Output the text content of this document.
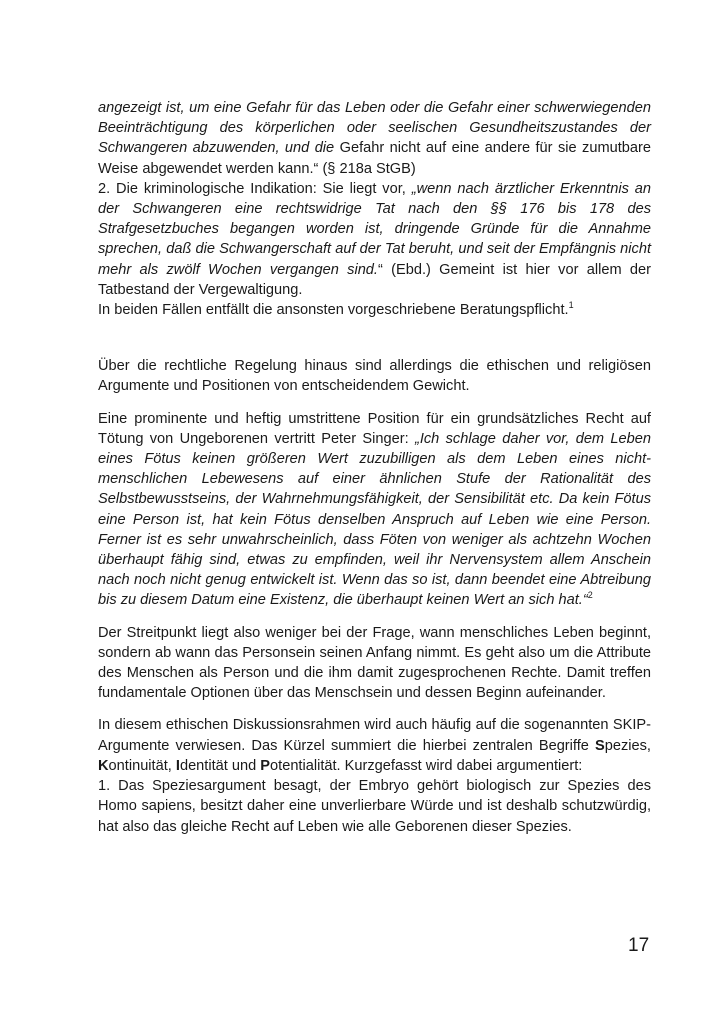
angezeigt ist, um eine Gefahr für das Leben oder die Gefahr einer schwerwiegenden Beeinträchtigung des körperlichen oder seelischen Gesundheitszustandes der Schwangeren abzuwenden, und die Gefahr nicht auf eine andere für sie zumutbare Weise abgewendet werden kann.“ (§ 218a StGB)

2. Die kriminologische Indikation: Sie liegt vor, „wenn nach ärztlicher Erkenntnis an der Schwangeren eine rechtswidrige Tat nach den §§ 176 bis 178 des Strafgesetzbuches begangen worden ist, dringende Gründe für die Annahme sprechen, daß die Schwangerschaft auf der Tat beruht, und seit der Empfängnis nicht mehr als zwölf Wochen vergangen sind.“ (Ebd.) Gemeint ist hier vor allem der Tatbestand der Vergewaltigung.

In beiden Fällen entfällt die ansonsten vorgeschriebene Beratungspflicht.$^1$

Über die rechtliche Regelung hinaus sind allerdings die ethischen und religiösen Argumente und Positionen von entscheidendem Gewicht.

Eine prominente und heftig umstrittene Position für ein grundsätzliches Recht auf Tötung von Ungeborenen vertritt Peter Singer: „Ich schlage daher vor, dem Leben eines Fötus keinen größeren Wert zuzubilligen als dem Leben eines nicht-menschlichen Lebewesens auf einer ähnlichen Stufe der Rationalität des Selbstbewusstseins, der Wahrnehmungsfähigkeit, der Sensibilität etc. Da kein Fötus eine Person ist, hat kein Fötus denselben Anspruch auf Leben wie eine Person. Ferner ist es sehr unwahrscheinlich, dass Föten von weniger als achtzehn Wochen überhaupt fähig sind, etwas zu empfinden, weil ihr Nervensystem allem Anschein nach noch nicht genug entwickelt ist. Wenn das so ist, dann beendet eine Abtreibung bis zu diesem Datum eine Existenz, die überhaupt keinen Wert an sich hat.“$^2$

Der Streitpunkt liegt also weniger bei der Frage, wann menschliches Leben beginnt, sondern ab wann das Personsein seinen Anfang nimmt. Es geht also um die Attribute des Menschen als Person und die ihm damit zugesprochenen Rechte. Damit treffen fundamentale Optionen über das Menschsein und dessen Beginn aufeinander.

In diesem ethischen Diskussionsrahmen wird auch häufig auf die sogenannten SKIP-Argumente verwiesen. Das Kürzel summiert die hierbei zentralen Begriffe Spezies, Kontinuität, Identität und Potentialität. Kurzgefasst wird dabei argumentiert:

1. Das Speziesargument besagt, der Embryo gehört biologisch zur Spezies des Homo sapiens, besitzt daher eine unverlierbare Würde und ist deshalb schutzwürdig, hat also das gleiche Recht auf Leben wie alle Geborenen dieser Spezies.

17
